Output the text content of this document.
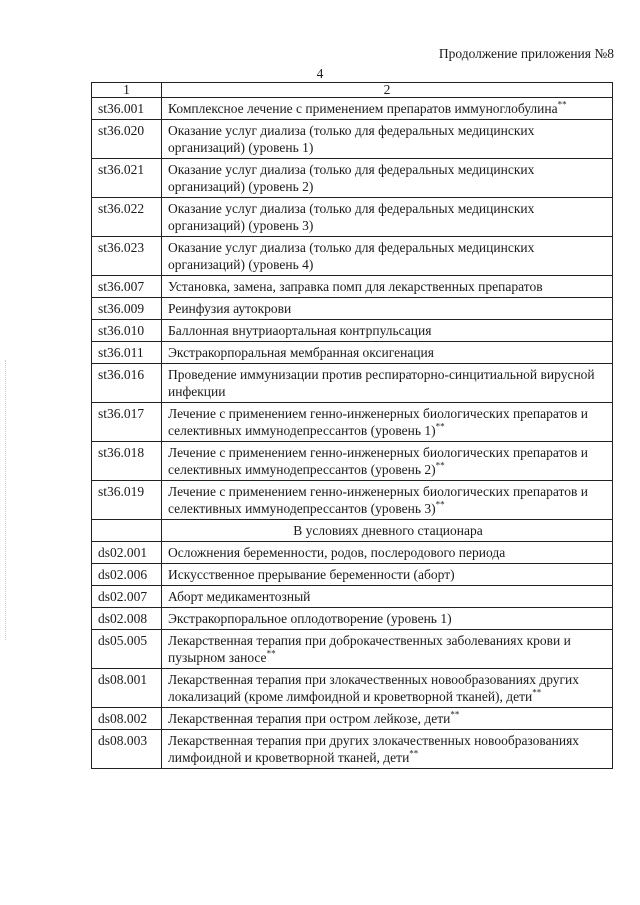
Продолжение приложения №8
4
1	2
st36.001	Комплексное лечение с применением препаратов иммуноглобулина**
st36.020	Оказание услуг диализа (только для федеральных медицинских организаций) (уровень 1)
st36.021	Оказание услуг диализа (только для федеральных медицинских организаций) (уровень 2)
st36.022	Оказание услуг диализа (только для федеральных медицинских организаций) (уровень 3)
st36.023	Оказание услуг диализа (только для федеральных медицинских организаций) (уровень 4)
st36.007	Установка, замена, заправка помп для лекарственных препаратов
st36.009	Реинфузия аутокрови
st36.010	Баллонная внутриаортальная контрпульсация
st36.011	Экстракорпоральная мембранная оксигенация
st36.016	Проведение иммунизации против респираторно-синцитиальной вирусной инфекции
st36.017	Лечение с применением генно-инженерных биологических препаратов и селективных иммунодепрессантов (уровень 1)**
st36.018	Лечение с применением генно-инженерных биологических препаратов и селективных иммунодепрессантов (уровень 2)**
st36.019	Лечение с применением генно-инженерных биологических препаратов и селективных иммунодепрессантов (уровень 3)**
	В условиях дневного стационара
ds02.001	Осложнения беременности, родов, послеродового периода
ds02.006	Искусственное прерывание беременности (аборт)
ds02.007	Аборт медикаментозный
ds02.008	Экстракорпоральное оплодотворение (уровень 1)
ds05.005	Лекарственная терапия при доброкачественных заболеваниях крови и пузырном заносе**
ds08.001	Лекарственная терапия при злокачественных новообразованиях других локализаций (кроме лимфоидной и кроветворной тканей), дети**
ds08.002	Лекарственная терапия при остром лейкозе, дети**
ds08.003	Лекарственная терапия при других злокачественных новообразованиях лимфоидной и кроветворной тканей, дети**
